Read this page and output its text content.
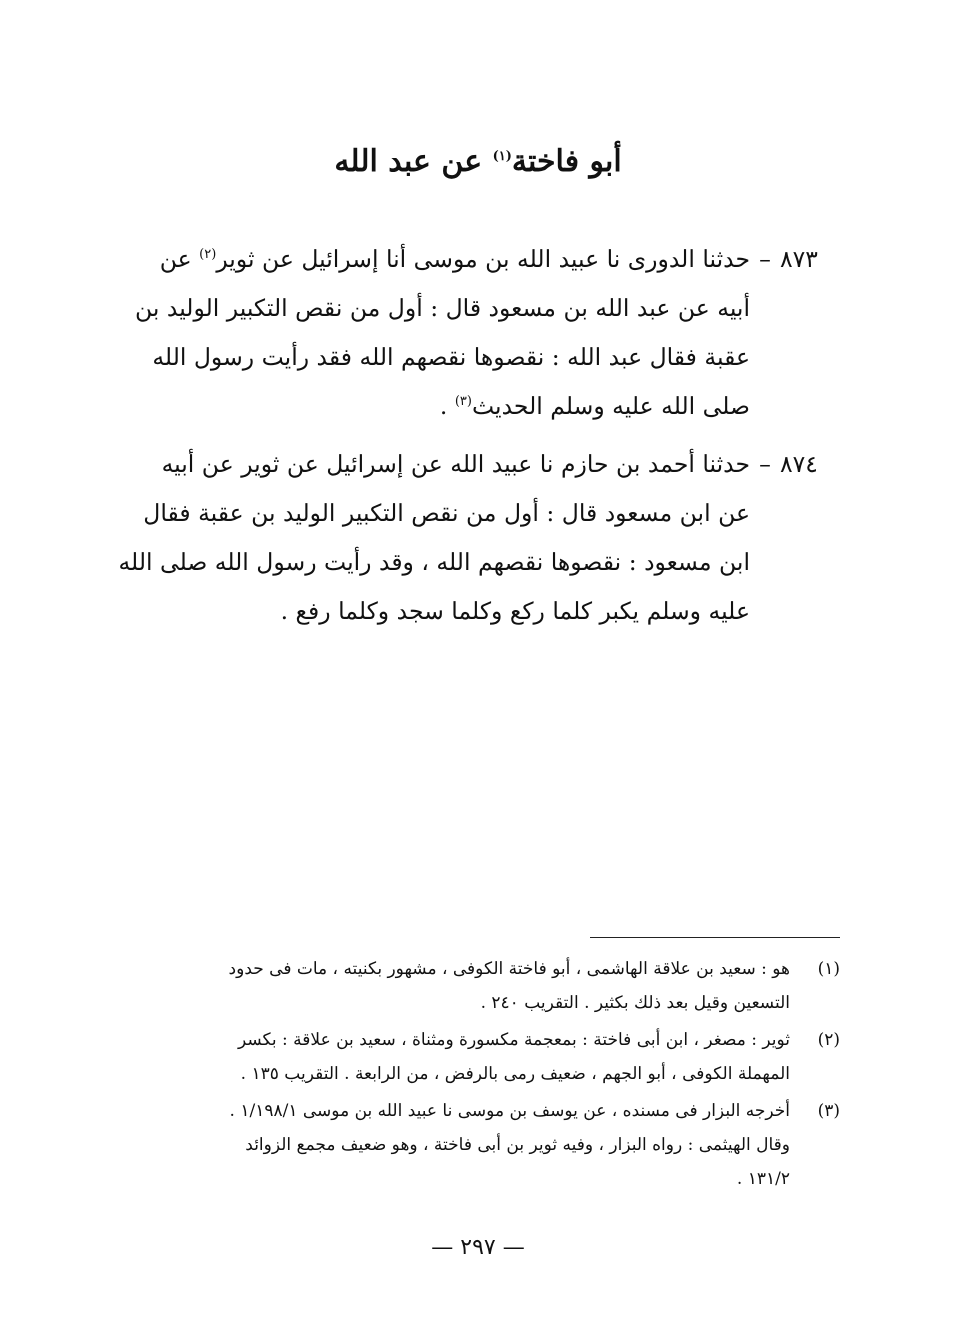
أبو فاختة$^{(١)}$ عن عبد الله
٨٧٣–حدثنا الدورى نا عبيد الله بن موسى أنا إسرائيل عن ثوير$^{(٢)}$ عن
أبيه عن عبد الله بن مسعود قال : أول من نقص التكبير الوليد بن
عقبة فقال عبد الله : نقصوها نقصهم الله فقد رأيت رسول الله
صلى الله عليه وسلم الحديث$^{(٣)}$ .
٨٧٤–حدثنا أحمد بن حازم نا عبيد الله عن إسرائيل عن ثوير عن أبيه
عن ابن مسعود قال : أول من نقص التكبير الوليد بن عقبة فقال
ابن مسعود : نقصوها نقصهم الله ، وقد رأيت رسول الله صلى الله
عليه وسلم يكبر كلما ركع وكلما سجد وكلما رفع .
(١)
هو : سعيد بن علاقة الهاشمى ، أبو فاختة الكوفى ، مشهور بكنيته ، مات فى حدود
التسعين وقيل بعد ذلك بكثير . التقريب ٢٤٠ .
(٢)
ثوير : مصغر ، ابن أبى فاختة : بمعجمة مكسورة ومثناة ، سعيد بن علاقة : بكسر
المهملة الكوفى ، أبو الجهم ، ضعيف رمى بالرفض ، من الرابعة . التقريب ١٣٥ .
(٣)
أخرجه البزار فى مسنده ، عن يوسف بن موسى نا عبيد الله بن موسى ١/١٩٨/١ .
وقال الهيثمى : رواه البزار ، وفيه ثوير بن أبى فاختة ، وهو ضعيف مجمع الزوائد
١٣١/٢ .
— ٢٩٧ —
